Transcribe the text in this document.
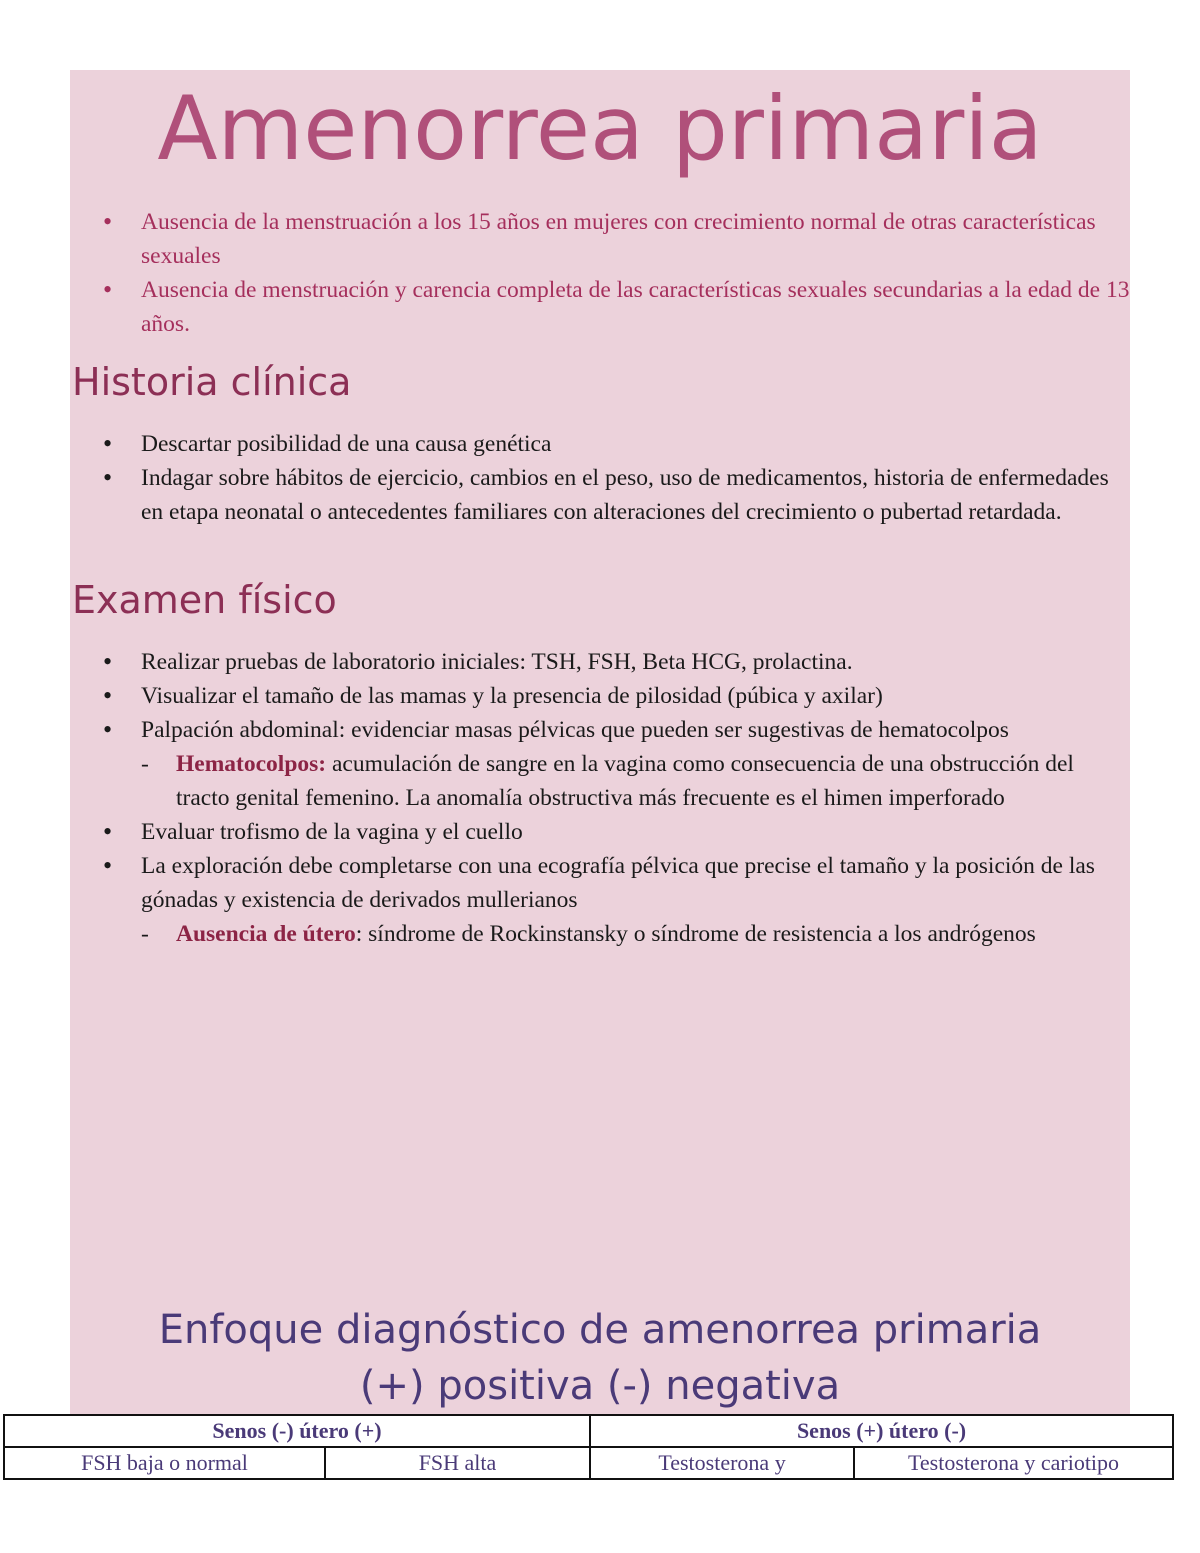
Amenorrea primaria
• Ausencia de la menstruación a los 15 años en mujeres con crecimiento normal de otras características sexuales
• Ausencia de menstruación y carencia completa de las características sexuales secundarias a la edad de 13 años.
Historia clínica
• Descartar posibilidad de una causa genética
• Indagar sobre hábitos de ejercicio, cambios en el peso, uso de medicamentos, historia de enfermedades en etapa neonatal o antecedentes familiares con alteraciones del crecimiento o pubertad retardada.
Examen físico
• Realizar pruebas de laboratorio iniciales: TSH, FSH, Beta HCG, prolactina.
• Visualizar el tamaño de las mamas y la presencia de pilosidad (púbica y axilar)
• Palpación abdominal: evidenciar masas pélvicas que pueden ser sugestivas de hematocolpos
- Hematocolpos: acumulación de sangre en la vagina como consecuencia de una obstrucción del tracto genital femenino. La anomalía obstructiva más frecuente es el himen imperforado
• Evaluar trofismo de la vagina y el cuello
• La exploración debe completarse con una ecografía pélvica que precise el tamaño y la posición de las gónadas y existencia de derivados mullerianos
- Ausencia de útero: síndrome de Rockinstansky o síndrome de resistencia a los andrógenos
Enfoque diagnóstico de amenorrea primaria
(+) positiva (-) negativa
Senos (-) útero (+)		Senos (+) útero (-)	
FSH baja o normal	FSH alta	Testosterona y	Testosterona y cariotipo
